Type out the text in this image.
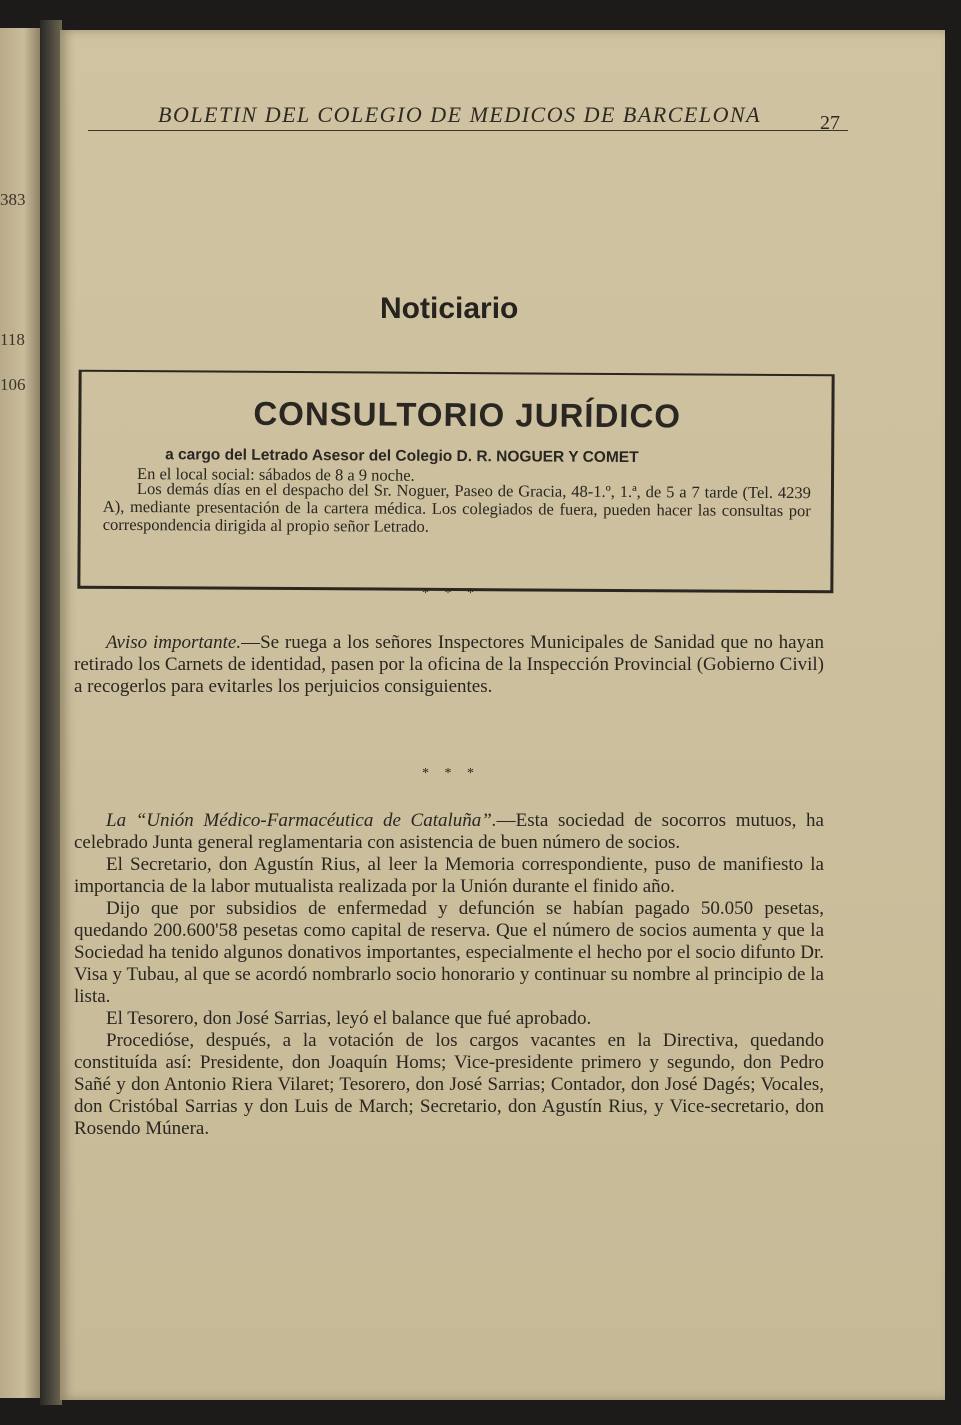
383
118
106
BOLETIN DEL COLEGIO DE MEDICOS DE BARCELONA	27
Noticiario
CONSULTORIO JURÍDICO
a cargo del Letrado Asesor del Colegio D. R. NOGUER Y COMET
En el local social: sábados de 8 a 9 noche.
Los demás días en el despacho del Sr. Noguer, Paseo de Gracia, 48-1.º, 1.ª, de 5 a 7 tarde (Tel. 4239 A), mediante presentación de la cartera médica. Los colegiados de fuera, pueden hacer las consultas por correspondencia dirigida al propio señor Letrado.
* * *
Aviso importante.—Se ruega a los señores Inspectores Municipales de Sanidad que no hayan retirado los Carnets de identidad, pasen por la oficina de la Inspección Provincial (Gobierno Civil) a recogerlos para evitarles los perjuicios consiguientes.
* * *

La “Unión Médico-Farmacéutica de Cataluña”.—Esta sociedad de socorros mutuos, ha celebrado Junta general reglamentaria con asistencia de buen número de socios.

El Secretario, don Agustín Rius, al leer la Memoria correspondiente, puso de manifiesto la importancia de la labor mutualista realizada por la Unión durante el finido año.

Dijo que por subsidios de enfermedad y defunción se habían pagado 50.050 pesetas, quedando 200.600'58 pesetas como capital de reserva. Que el número de socios aumenta y que la Sociedad ha tenido algunos donativos importantes, especialmente el hecho por el socio difunto Dr. Visa y Tubau, al que se acordó nombrarlo socio honorario y continuar su nombre al principio de la lista.

El Tesorero, don José Sarrias, leyó el balance que fué aprobado.

Procedióse, después, a la votación de los cargos vacantes en la Directiva, quedando constituída así: Presidente, don Joaquín Homs; Vice-presidente primero y segundo, don Pedro Sañé y don Antonio Riera Vilaret; Tesorero, don José Sarrias; Contador, don José Dagés; Vocales, don Cristóbal Sarrias y don Luis de March; Secretario, don Agustín Rius, y Vice-secretario, don Rosendo Múnera.
